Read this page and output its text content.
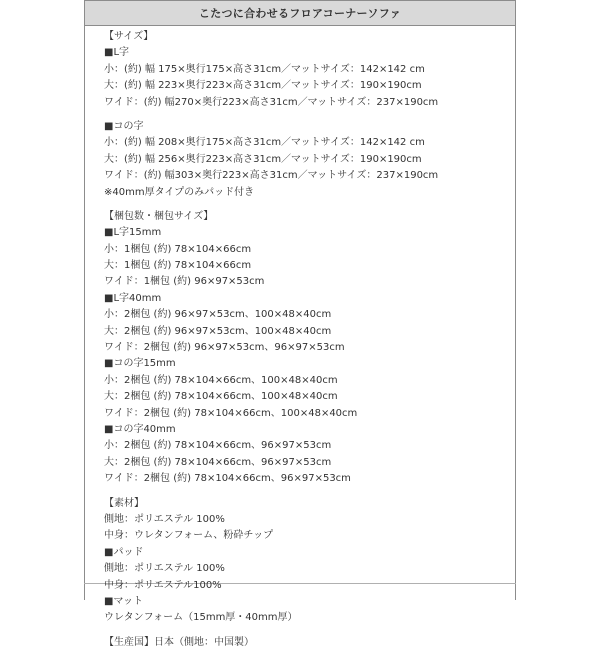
こたつに合わせるフロアコーナーソファ
【サイズ】
■L字
小：(約) 幅 175×奥行175×高さ31cm／マットサイズ：142×142 cm
大：(約) 幅 223×奥行223×高さ31cm／マットサイズ：190×190cm
ワイド：(約) 幅270×奥行223×高さ31cm／マットサイズ：237×190cm
■コの字
小：(約) 幅 208×奥行175×高さ31cm／マットサイズ：142×142 cm
大：(約) 幅 256×奥行223×高さ31cm／マットサイズ：190×190cm
ワイド：(約) 幅303×奥行223×高さ31cm／マットサイズ：237×190cm
※40mm厚タイプのみパッド付き
【梱包数・梱包サイズ】
■L字15mm
小：1梱包 (約) 78×104×66cm
大：1梱包 (約) 78×104×66cm
ワイド：1梱包 (約) 96×97×53cm
■L字40mm
小：2梱包 (約) 96×97×53cm、100×48×40cm
大：2梱包 (約) 96×97×53cm、100×48×40cm
ワイド：2梱包 (約) 96×97×53cm、96×97×53cm
■コの字15mm
小：2梱包 (約) 78×104×66cm、100×48×40cm
大：2梱包 (約) 78×104×66cm、100×48×40cm
ワイド：2梱包 (約) 78×104×66cm、100×48×40cm
■コの字40mm
小：2梱包 (約) 78×104×66cm、96×97×53cm
大：2梱包 (約) 78×104×66cm、96×97×53cm
ワイド：2梱包 (約) 78×104×66cm、96×97×53cm
【素材】
側地：ポリエステル 100%
中身：ウレタンフォーム、粉砕チップ
■パッド
側地：ポリエステル 100%
中身：ポリエステル100%
■マット
ウレタンフォーム（15mm厚・40mm厚）
【生産国】日本（側地：中国製）
